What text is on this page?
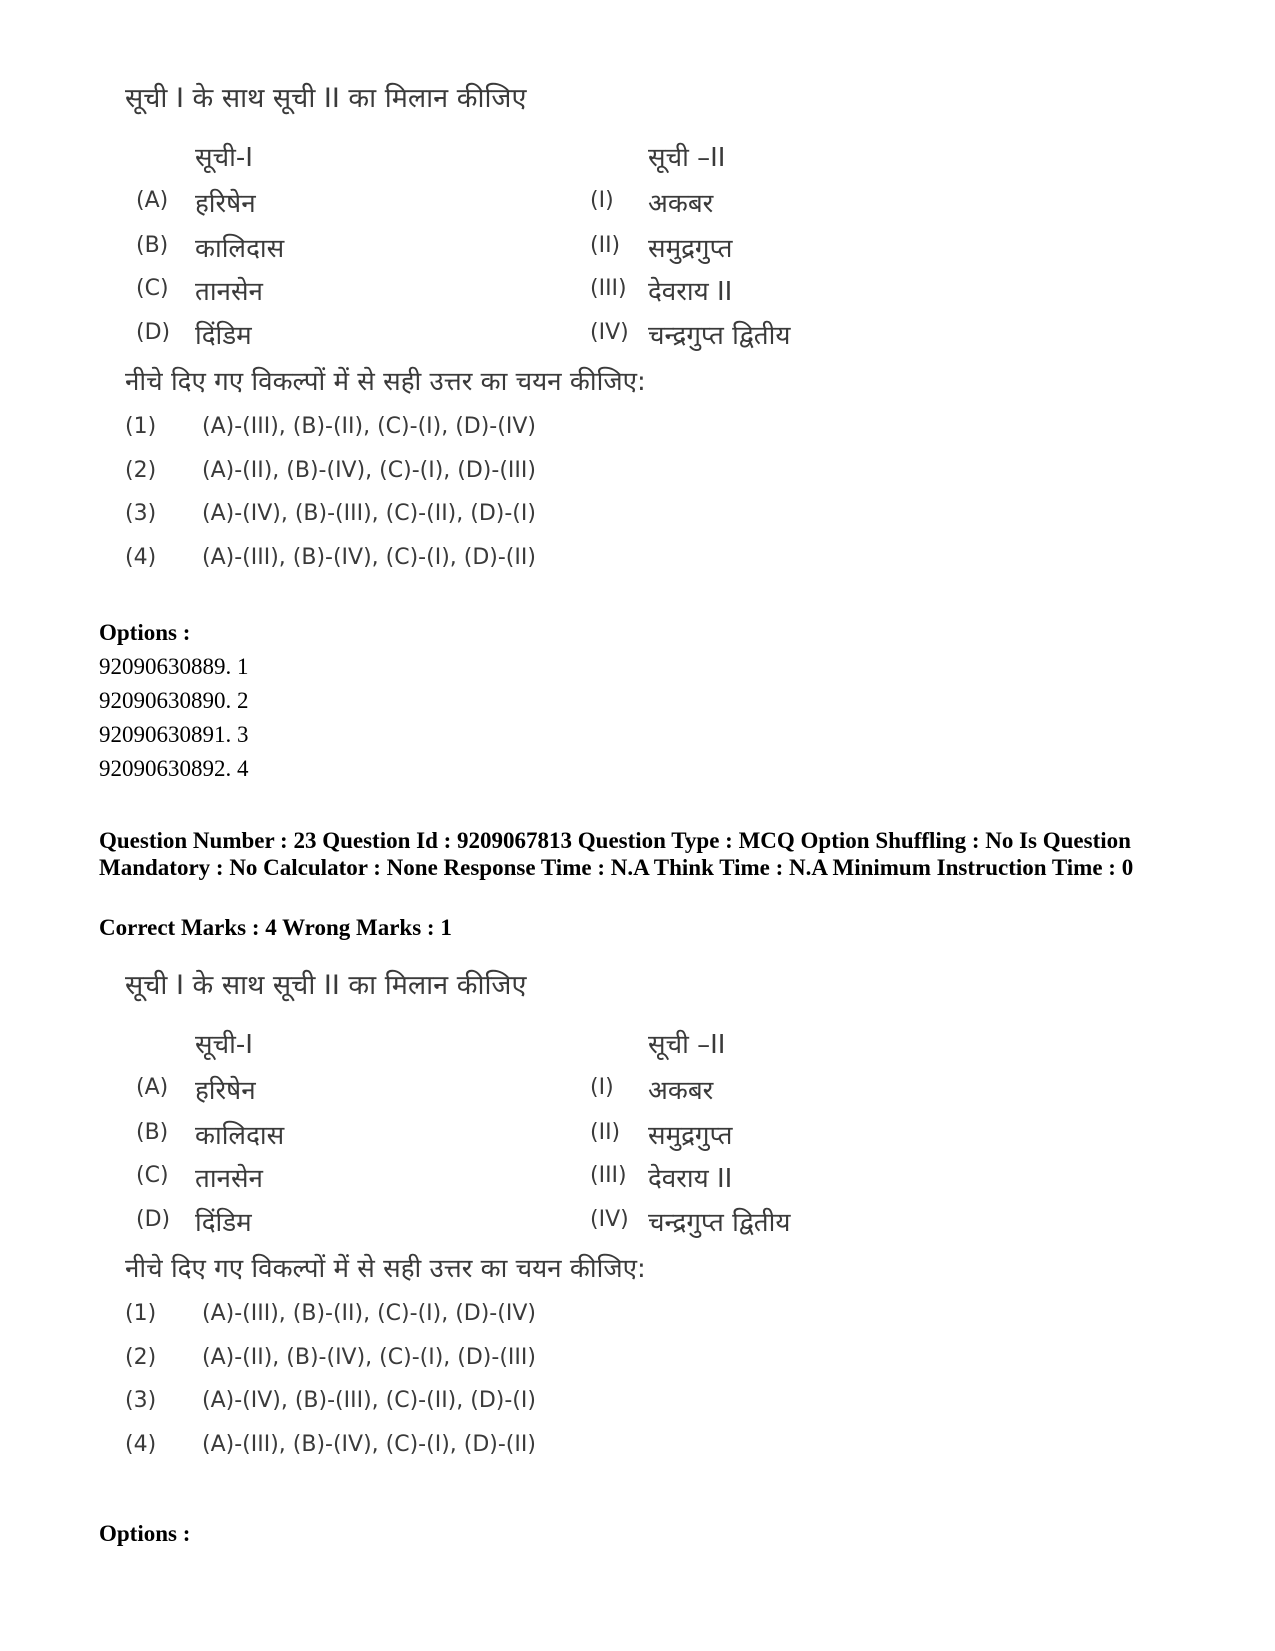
सूची I के साथ सूची II का मिलान कीजिए
सूची-I	सूची –II
(A) हरिषेन	(I) अकबर
(B) कालिदास	(II) समुद्रगुप्त
(C) तानसेन	(III) देवराय II
(D) दिंडिम	(IV) चन्द्रगुप्त द्वितीय
नीचे दिए गए विकल्पों में से सही उत्तर का चयन कीजिए:
(1) (A)-(III), (B)-(II), (C)-(I), (D)-(IV)
(2) (A)-(II), (B)-(IV), (C)-(I), (D)-(III)
(3) (A)-(IV), (B)-(III), (C)-(II), (D)-(I)
(4) (A)-(III), (B)-(IV), (C)-(I), (D)-(II)
Options :
92090630889. 1
92090630890. 2
92090630891. 3
92090630892. 4
Question Number : 23 Question Id : 9209067813 Question Type : MCQ Option Shuffling : No Is Question Mandatory : No Calculator : None Response Time : N.A Think Time : N.A Minimum Instruction Time : 0
Correct Marks : 4 Wrong Marks : 1
सूची I के साथ सूची II का मिलान कीजिए
सूची-I	सूची –II
(A) हरिषेन	(I) अकबर
(B) कालिदास	(II) समुद्रगुप्त
(C) तानसेन	(III) देवराय II
(D) दिंडिम	(IV) चन्द्रगुप्त द्वितीय
नीचे दिए गए विकल्पों में से सही उत्तर का चयन कीजिए:
(1) (A)-(III), (B)-(II), (C)-(I), (D)-(IV)
(2) (A)-(II), (B)-(IV), (C)-(I), (D)-(III)
(3) (A)-(IV), (B)-(III), (C)-(II), (D)-(I)
(4) (A)-(III), (B)-(IV), (C)-(I), (D)-(II)
Options :
